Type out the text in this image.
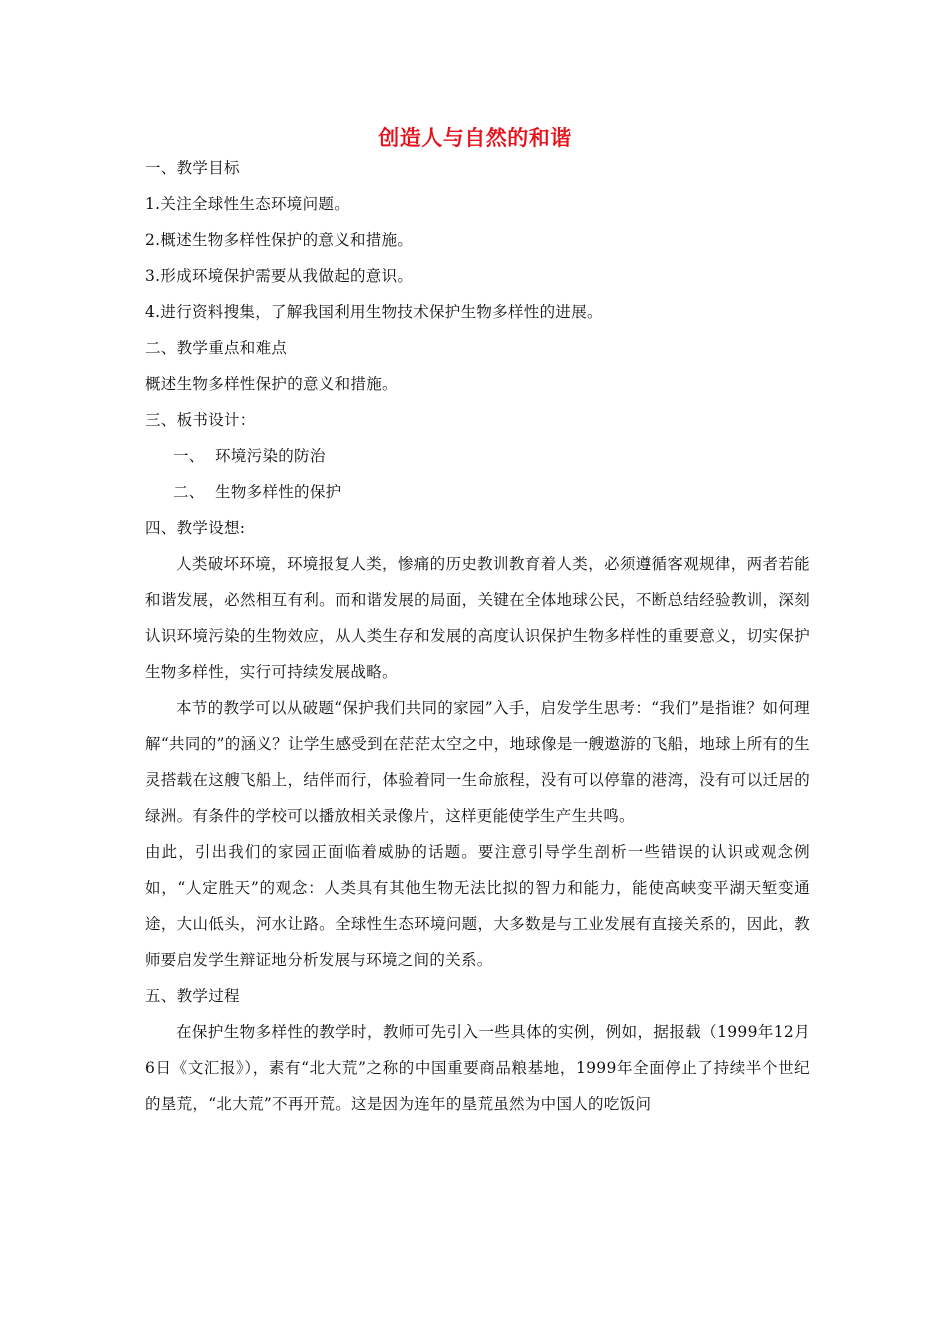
创造人与自然的和谐

一、教学目标

1.关注全球性生态环境问题。

2.概述生物多样性保护的意义和措施。

3.形成环境保护需要从我做起的意识。

4.进行资料搜集，了解我国利用生物技术保护生物多样性的进展。

二、教学重点和难点

概述生物多样性保护的意义和措施。

三、板书设计：

一、  环境污染的防治

二、  生物多样性的保护

四、教学设想:

人类破坏环境，环境报复人类，惨痛的历史教训教育着人类，必须遵循客观规律，两者若能和谐发展，必然相互有利。而和谐发展的局面，关键在全体地球公民，不断总结经验教训，深刻认识环境污染的生物效应，从人类生存和发展的高度认识保护生物多样性的重要意义，切实保护生物多样性，实行可持续发展战略。

本节的教学可以从破题“保护我们共同的家园”入手，启发学生思考：“我们”是指谁？如何理解“共同的”的涵义？让学生感受到在茫茫太空之中，地球像是一艘遨游的飞船，地球上所有的生灵搭载在这艘飞船上，结伴而行，体验着同一生命旅程，没有可以停靠的港湾，没有可以迁居的绿洲。有条件的学校可以播放相关录像片，这样更能使学生产生共鸣。

由此，引出我们的家园正面临着威胁的话题。要注意引导学生剖析一些错误的认识或观念例如，“人定胜天”的观念：人类具有其他生物无法比拟的智力和能力，能使高峡变平湖天堑变通途，大山低头，河水让路。全球性生态环境问题，大多数是与工业发展有直接关系的，因此，教师要启发学生辩证地分析发展与环境之间的关系。

五、教学过程

在保护生物多样性的教学时，教师可先引入一些具体的实例，例如，据报载（1999年12月6日《文汇报》），素有“北大荒”之称的中国重要商品粮基地，1999年全面停止了持续半个世纪的垦荒，“北大荒”不再开荒。这是因为连年的垦荒虽然为中国人的吃饭问
